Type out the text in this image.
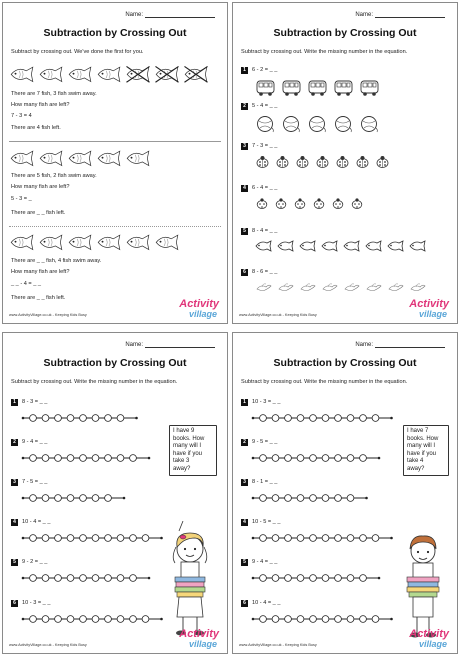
Name:
Subtraction by Crossing Out
Subtract by crossing out. We've done the first for you.
There are 7 fish, 3 fish swim away.
How many fish are left?
7 - 3 = 4
There are 4 fish left.
There are 5 fish, 2 fish swim away.
How many fish are left?
5 - 3 = _
There are _ _ fish left.
There are _ _ fish, 4 fish swim away.
How many fish are left?
_ _ - 4 = _ _
There are _ _ fish left.
www.ActivityVillage.co.uk - Keeping Kids Busy
Activity
village
Name:
Subtraction by Crossing Out
Subtract by crossing out. Write the missing number in the equation.
1	6 - 2 = _ _
2	5 - 4 = _ _
3	7 - 3 = _ _
4	6 - 4 = _ _
5	8 - 4 = _ _
6	8 - 6 = _ _
www.ActivityVillage.co.uk - Keeping Kids Busy
Activity
village
Name:
Subtraction by Crossing Out
Subtract by crossing out. Write the missing number in the equation.
1	8 - 3 = _ _
2	9 - 4 = _ _
3	7 - 5 = _ _
4	10 - 4 = _ _
5	9 - 2 = _ _
6	10 - 3 = _ _
I have 9
books. How
many will I
have if you
take 3
away?
www.ActivityVillage.co.uk - Keeping Kids Busy
Activity
village
Name:
Subtraction by Crossing Out
Subtract by crossing out. Write the missing number in the equation.
1	10 - 3 = _ _
2	9 - 5 = _ _
3	8 - 1 = _ _
4	10 - 5 = _ _
5	9 - 4 = _ _
6	10 - 4 = _ _
I have 7
books. How
many will I
have if you
take 4
away?
www.ActivityVillage.co.uk - Keeping Kids Busy
Activity
village
